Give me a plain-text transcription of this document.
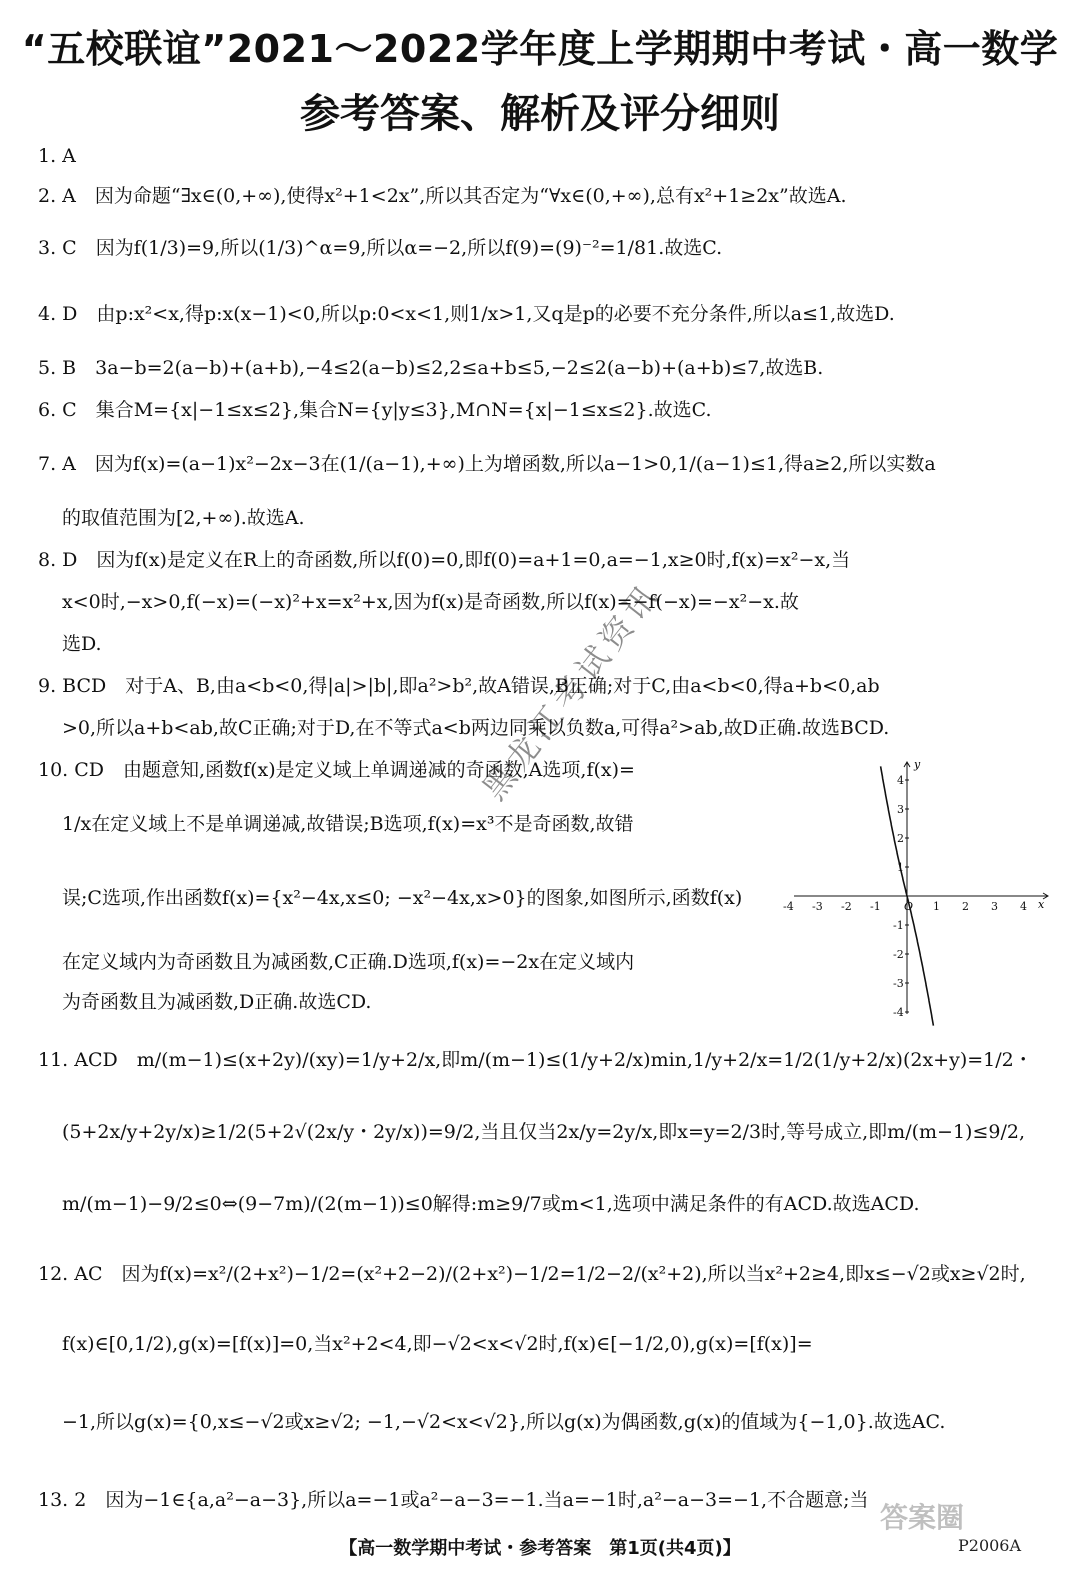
“五校联谊”2021～2022学年度上学期期中考试・高一数学
参考答案、解析及评分细则
1. A
2. A　因为命题“∃x∈(0,+∞),使得x²+1<2x”,所以其否定为“∀x∈(0,+∞),总有x²+1≥2x”故选A.
3. C　因为f(1/3)=9,所以(1/3)^α=9,所以α=−2,所以f(9)=(9)⁻²=1/81.故选C.
4. D　由p:x²<x,得p:x(x−1)<0,所以p:0<x<1,则1/x>1,又q是p的必要不充分条件,所以a≤1,故选D.
5. B　3a−b=2(a−b)+(a+b),−4≤2(a−b)≤2,2≤a+b≤5,−2≤2(a−b)+(a+b)≤7,故选B.
6. C　集合M={x|−1≤x≤2},集合N={y|y≤3},M∩N={x|−1≤x≤2}.故选C.
7. A　因为f(x)=(a−1)x²−2x−3在(1/(a−1),+∞)上为增函数,所以a−1>0,1/(a−1)≤1,得a≥2,所以实数a
的取值范围为[2,+∞).故选A.
8. D　因为f(x)是定义在R上的奇函数,所以f(0)=0,即f(0)=a+1=0,a=−1,x≥0时,f(x)=x²−x,当
x<0时,−x>0,f(−x)=(−x)²+x=x²+x,因为f(x)是奇函数,所以f(x)=−f(−x)=−x²−x.故
选D.
9. BCD　对于A、B,由a<b<0,得|a|>|b|,即a²>b²,故A错误,B正确;对于C,由a<b<0,得a+b<0,ab
>0,所以a+b<ab,故C正确;对于D,在不等式a<b两边同乘以负数a,可得a²>ab,故D正确.故选BCD.
10. CD　由题意知,函数f(x)是定义域上单调递减的奇函数,A选项,f(x)=
1/x在定义域上不是单调递减,故错误;B选项,f(x)=x³不是奇函数,故错
误;C选项,作出函数f(x)={x²−4x,x≤0; −x²−4x,x>0}的图象,如图所示,函数f(x)
在定义域内为奇函数且为减函数,C正确.D选项,f(x)=−2x在定义域内
为奇函数且为减函数,D正确.故选CD.
-4 -3 -2 -1 O 1 2 3 4
4
3
2
1
-1
-2
-3
-4
x
y
黑龙江考试资讯
11. ACD　m/(m−1)≤(x+2y)/(xy)=1/y+2/x,即m/(m−1)≤(1/y+2/x)min,1/y+2/x=1/2(1/y+2/x)(2x+y)=1/2・
(5+2x/y+2y/x)≥1/2(5+2√(2x/y・2y/x))=9/2,当且仅当2x/y=2y/x,即x=y=2/3时,等号成立,即m/(m−1)≤9/2,
m/(m−1)−9/2≤0⇔(9−7m)/(2(m−1))≤0解得:m≥9/7或m<1,选项中满足条件的有ACD.故选ACD.
12. AC　因为f(x)=x²/(2+x²)−1/2=(x²+2−2)/(2+x²)−1/2=1/2−2/(x²+2),所以当x²+2≥4,即x≤−√2或x≥√2时,
f(x)∈[0,1/2),g(x)=[f(x)]=0,当x²+2<4,即−√2<x<√2时,f(x)∈[−1/2,0),g(x)=[f(x)]=
−1,所以g(x)={0,x≤−√2或x≥√2; −1,−√2<x<√2},所以g(x)为偶函数,g(x)的值域为{−1,0}.故选AC.
13. 2　因为−1∈{a,a²−a−3},所以a=−1或a²−a−3=−1.当a=−1时,a²−a−3=−1,不合题意;当
答案圈
【高一数学期中考试・参考答案　第1页(共4页)】	P2006A
